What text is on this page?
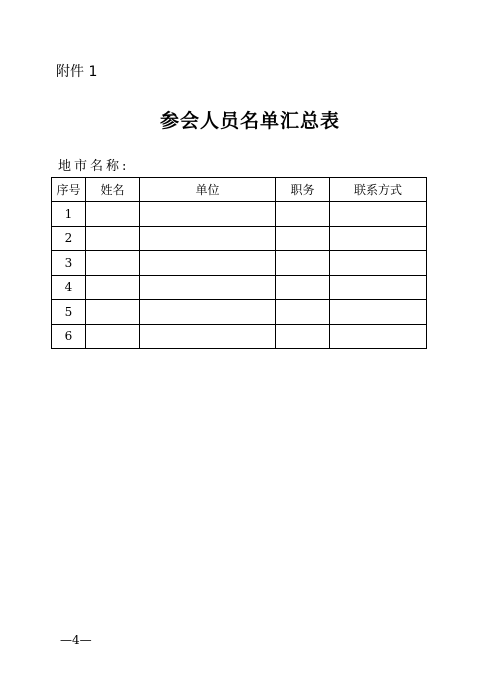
附件 1
参会人员名单汇总表
地市名称:
序号	姓名	单位	职务	联系方式
1				
2				
3				
4				
5				
6				
—4—
